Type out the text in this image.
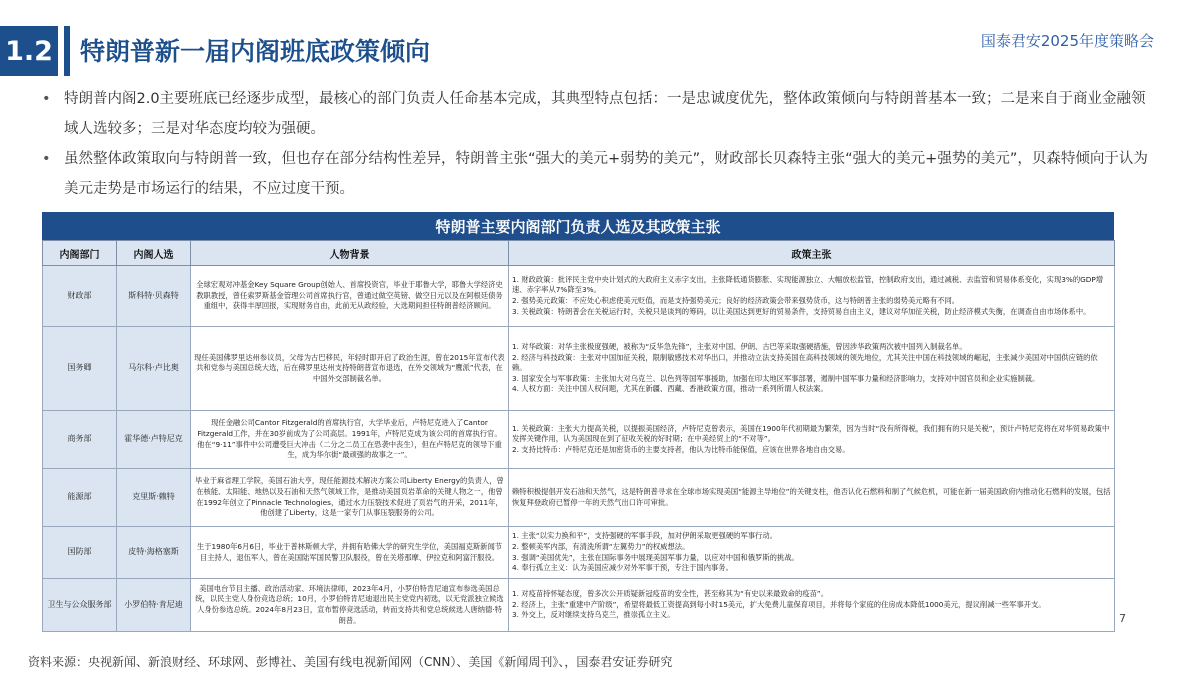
1.2 特朗普新一届内阁班底政策倾向	国泰君安2025年度策略会
• 特朗普内阁2.0主要班底已经逐步成型，最核心的部门负责人任命基本完成，其典型特点包括：一是忠诚度优先，整体政策倾向与特朗普基本一致；二是来自于商业金融领域人选较多；三是对华态度均较为强硬。
• 虽然整体政策取向与特朗普一致，但也存在部分结构性差异，特朗普主张“强大的美元+弱势的美元”，财政部长贝森特主张“强大的美元+强势的美元”，贝森特倾向于认为美元走势是市场运行的结果，不应过度干预。
特朗普主要内阁部门负责人选及其政策主张
内阁部门	内阁人选	人物背景	政策主张
财政部	斯科特·贝森特	全球宏观对冲基金Key Square Group创始人、首席投资官，毕业于耶鲁大学，耶鲁大学经济史教职教授，曾任索罗斯基金管理公司首席执行官，曾通过做空英镑、做空日元以及在阿根廷债务重组中，获得丰厚回报，实现财务自由，此前无从政经验，大选期间担任特朗普经济顾问。	1. 财政政策：批评民主党中央计划式的大政府主义赤字支出，主张降低通货膨胀、实现能源独立、大幅放松监管，控制政府支出，通过减税、去监管和贸易体系变化，实现3%的GDP增速、赤字率从7%降至3%。

2. 强势美元政策：不应处心积虑使美元贬值，而是支持强势美元；良好的经济政策会带来强势货币，这与特朗普主张的弱势美元略有不同。

3. 关税政策：特朗普会在关税运行时，关税只是谈判的筹码，以让美国达到更好的贸易条件，支持贸易自由主义，建议对华加征关税，防止经济模式失衡，在调查自由市场体系中。

国务卿	马尔科·卢比奥	现任美国佛罗里达州参议员，父母为古巴移民，年轻时即开启了政治生涯，曾在2015年宣布代表共和党参与美国总统大选，后在佛罗里达州支持特朗普宣布退选，在外交领域为“鹰派”代表，在中国外交部制裁名单。	1. 对华政策：对华主张极度强硬，被称为“反华急先锋”，主张对中国、伊朗、古巴等采取强硬措施，曾因涉华政策两次被中国列入制裁名单。

2. 经济与科技政策：主张对中国加征关税，限制敏感技术对华出口，并推动立法支持美国在高科技领域的领先地位，尤其关注中国在科技领域的崛起，主张减少美国对中国供应链的依赖。

3. 国家安全与军事政策：主张加大对乌克兰、以色列等国军事援助，加强在印太地区军事部署，遏制中国军事力量和经济影响力，支持对中国官员和企业实施制裁。

4. 人权方面：关注中国人权问题，尤其在新疆、西藏、香港政策方面，推动一系列所谓人权法案。

商务部	霍华德·卢特尼克	现任金融公司Cantor Fitzgerald的首席执行官，大学毕业后，卢特尼克进入了Cantor Fitzgerald工作，并在30岁前成为了公司高层。1991年，卢特尼克成为该公司的首席执行官。他在“9·11”事件中公司遭受巨大冲击（二分之二员工在恐袭中丧生），但在卢特尼克的领导下重生，成为华尔街“最顽强的故事之一”。	1. 关税政策：主张大力提高关税，以提振美国经济，卢特尼克曾表示，美国在1900年代初期最为繁荣，因为当时“没有所得税，我们拥有的只是关税”，预计卢特尼克将在对华贸易政策中发挥关键作用，认为美国现在到了征收关税的好时期；在中美经贸上的“不对等”。

2. 支持比特币：卢特尼克还是加密货币的主要支持者，他认为比特币能保值，应该在世界各地自由交易。

能源部	克里斯·赖特	毕业于麻省理工学院，美国石油大亨，现任能源技术解决方案公司Liberty Energy的负责人，曾在核能、太阳能、地热以及石油和天然气领域工作，是推动美国页岩革命的关键人物之一，他曾在1992年创立了Pinnacle Technologies，通过水力压裂技术促进了页岩气的开采，2011年，他创建了Liberty，这是一家专门从事压裂服务的公司。	赖特积极提倡开发石油和天然气，这是特朗普寻求在全球市场实现美国“能源主导地位”的关键支柱，他否认化石燃料和制了气候危机，可能在新一届美国政府内推动化石燃料的发展，包括恢复拜登政府已暂停一年的天然气出口许可审批。

国防部	皮特·海格塞斯	生于1980年6月6日，毕业于普林斯顿大学，并拥有哈佛大学的研究生学位，美国福克斯新闻节目主持人，退伍军人，曾在美国陆军国民警卫队服役，曾在关塔那摩、伊拉克和阿富汗服役。	1. 主张“以实力换和平”，支持强硬的军事手段，加对伊朗采取更强硬的军事行动。

2. 整顿美军内部，有清洗所谓“左翼势力”的权威想法。

3. 强调“美国优先”，主张在国际事务中展现美国军事力量，以应对中国和俄罗斯的挑战。

4. 奉行孤立主义：认为美国应减少对外军事干预，专注于国内事务。

卫生与公众服务部	小罗伯特·肯尼迪	美国电台节目主播、政治活动家、环境法律师，2023年4月，小罗伯特肯尼迪宣布参选美国总统，以民主党人身份竞选总统；10月，小罗伯特肯尼迪退出民主党党内初选，以无党派独立候选人身份参选总统。2024年8月23日，宣布暂停竞选活动，转而支持共和党总统候选人唐纳德·特朗普。	1. 对疫苗持怀疑态度，曾多次公开质疑新冠疫苗的安全性，甚至称其为“有史以来最致命的疫苗”。

2. 经济上，主张“重建中产阶级”，希望将最低工资提高到每小时15美元，扩大免费儿童保育项目，并将每个家庭的住房成本降低1000美元，提议削减一些军事开支。

3. 外交上，反对继续支持乌克兰，推崇孤立主义。	7
资料来源：央视新闻、新浪财经、环球网、彭博社、美国有线电视新闻网（CNN）、美国《新闻周刊》、，国泰君安证券研究
